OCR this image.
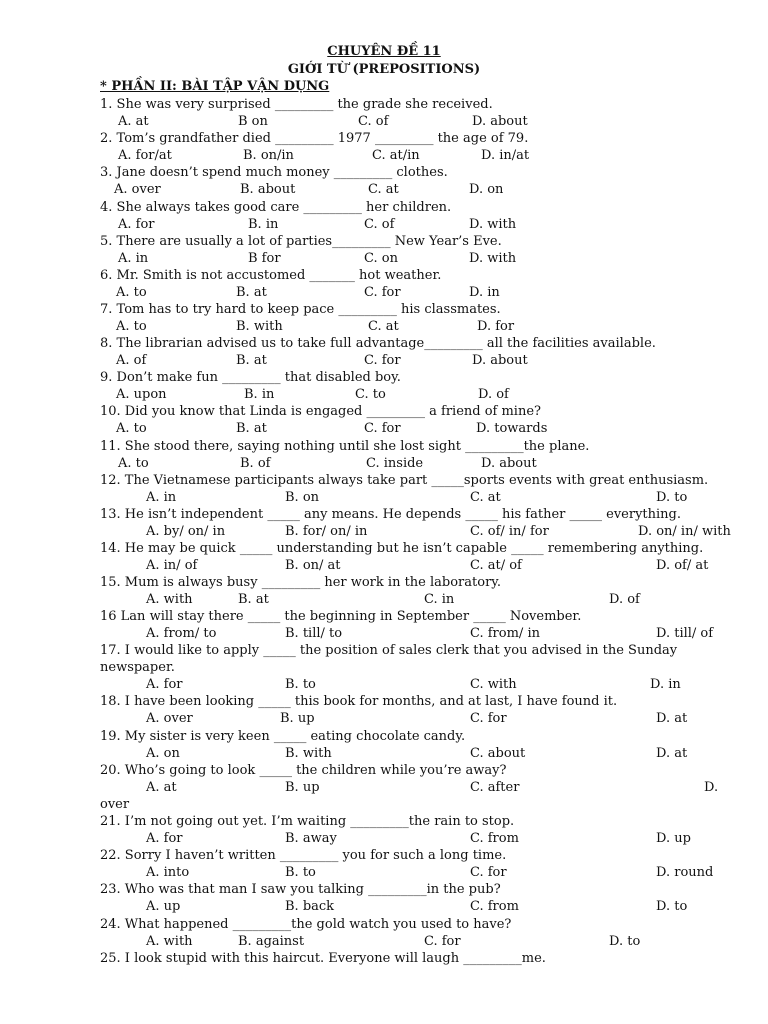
CHUYÊN ĐỀ 11
GIỚI TỪ (PREPOSITIONS)
* PHẦN II: BÀI TẬP VẬN DỤNG
1. She was very surprised _________ the grade she received.
A. at	B on	C. of	D. about
2. Tom’s grandfather died _________ 1977 _________ the age of 79.
A. for/at	B. on/in	C. at/in	D. in/at
3. Jane doesn’t spend much money _________ clothes.
A. over	B. about	C. at	D. on
4. She always takes good care _________ her children.
A. for	B. in	C. of	D. with
5. There are usually a lot of parties_________ New Year’s Eve.
A. in	B for	C. on	D. with
6. Mr. Smith is not accustomed _______ hot weather.
A. to	B. at	C. for	D. in
7. Tom has to try hard to keep pace _________ his classmates.
A. to	B. with	C. at	D. for
8. The librarian advised us to take full advantage_________ all the facilities available.
A. of	B. at	C. for	D. about
9. Don’t make fun _________ that disabled boy.
A. upon	B. in	C. to	D. of
10. Did you know that Linda is engaged _________ a friend of mine?
A. to	B. at	C. for	D. towards
11. She stood there, saying nothing until she lost sight _________the plane.
A. to	B. of	C. inside	D. about
12. The Vietnamese participants always take part _____sports events with great enthusiasm.
A. in	B. on	C. at	D. to
13. He isn’t independent _____ any means. He depends _____ his father _____ everything.
A. by/ on/ in	B. for/ on/ in	C. of/ in/ for	D. on/ in/ with
14. He may be quick _____ understanding but he isn’t capable _____ remembering anything.
A. in/ of	B. on/ at	C. at/ of	D. of/ at
15. Mum is always busy _________ her work in the laboratory.
A. with	B. at	C. in	D. of
16 Lan will stay there _____ the beginning in September _____ November.
A. from/ to	B. till/ to	C. from/ in	D. till/ of
17. I would like to apply _____ the position of sales clerk that you advised in the Sunday newspaper.
A. for	B. to	C. with	D. in
18. I have been looking _____ this book for months, and at last, I have found it.
A. over	B. up	C. for	D. at
19. My sister is very keen _____ eating chocolate candy.
A. on	B. with	C. about	D. at
20. Who’s going to look _____ the children while you’re away?
A. at	B. up	C. after	D.
over
21. I’m not going out yet. I’m waiting _________the rain to stop.
A. for	B. away	C. from	D. up
22. Sorry I haven’t written _________ you for such a long time.
A. into	B. to	C. for	D. round
23. Who was that man I saw you talking _________in the pub?
A. up	B. back	C. from	D. to
24. What happened _________the gold watch you used to have?
A. with	B. against	C. for	D. to
25. I look stupid with this haircut. Everyone will laugh _________me.
